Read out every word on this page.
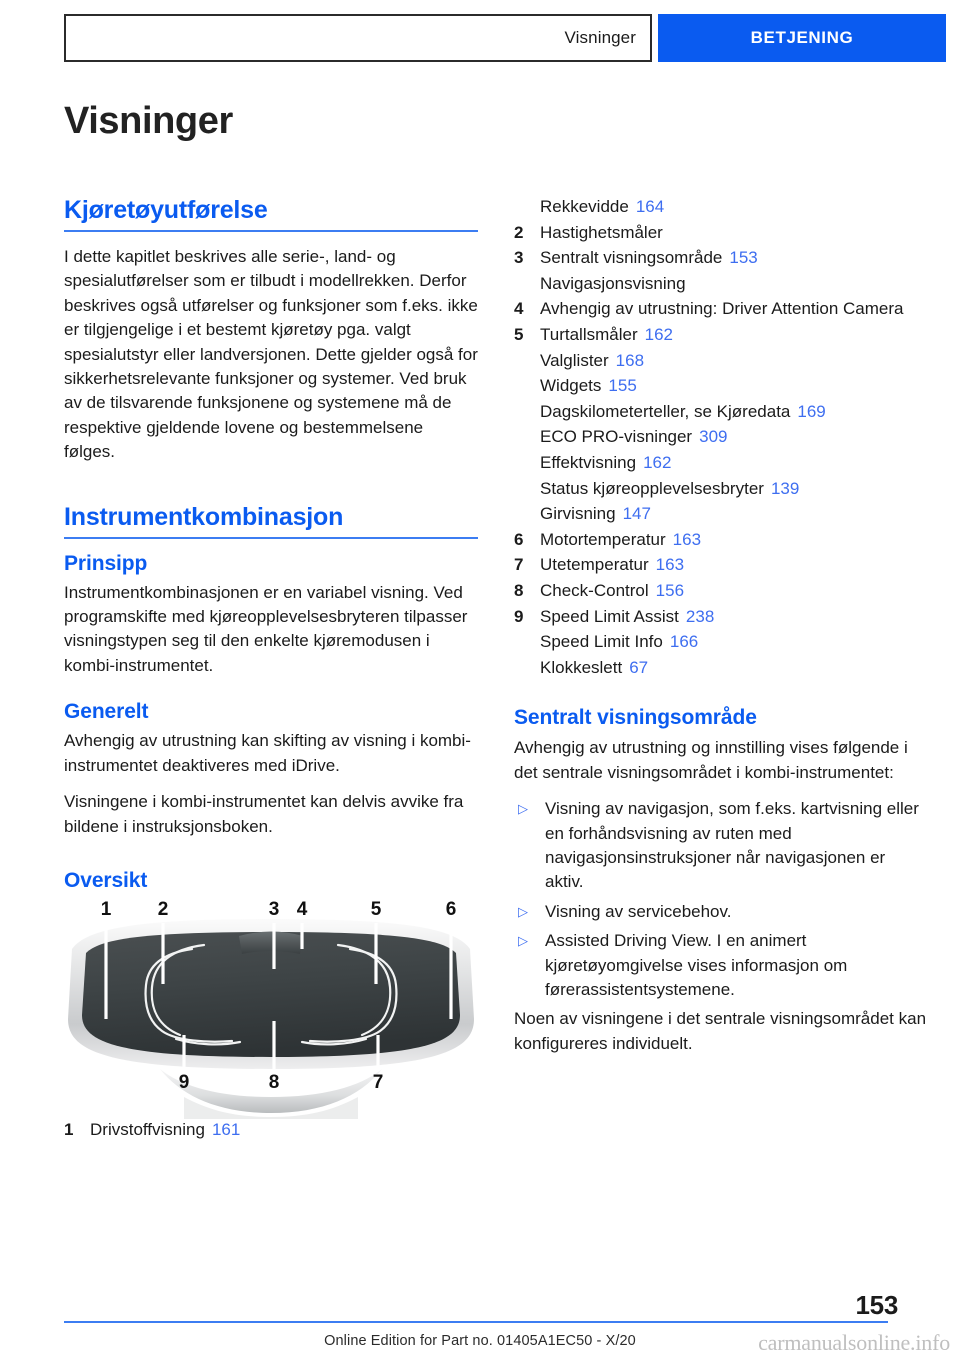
Visninger	BETJENING
Visninger
Kjøretøyutførelse

I dette kapitlet beskrives alle serie-, land- og spesialutførelser som er tilbudt i modellrekken. Derfor beskrives også utførelser og funksjoner som f.eks. ikke er tilgjengelige i et bestemt kjøretøy pga. valgt spesialutstyr eller landversjonen. Dette gjelder også for sikkerhetsrelevante funksjoner og systemer. Ved bruk av de tilsvarende funksjonene og systemene må de respektive gjeldende lovene og bestemmelsene følges.

Instrumentkombinasjon
Prinsipp

Instrumentkombinasjonen er en variabel visning. Ved programskifte med kjøreopplevelsesbryteren tilpasser visningstypen seg til den enkelte kjøremodusen i kombi-instrumentet.

Generelt

Avhengig av utrustning kan skifting av visning i kombi-instrumentet deaktiveres med iDrive.

Visningene i kombi-instrumentet kan delvis avvike fra bildene i instruksjonsboken.

Oversikt
1 2	3 4	5	6
9	8	7
1 Drivstoffvisning 161
Rekkevidde 164
2 Hastighetsmåler
3 Sentralt visningsområde 153
Navigasjonsvisning
4 Avhengig av utrustning: Driver Attention Camera
5 Turtallsmåler 162
Valglister 168
Widgets 155
Dagskilometerteller, se Kjøredata 169
ECO PRO-visninger 309
Effektvisning 162
Status kjøreopplevelsesbryter 139
Girvisning 147
6 Motortemperatur 163
7 Utetemperatur 163
8 Check-Control 156
9 Speed Limit Assist 238
Speed Limit Info 166
Klokkeslett 67
Sentralt visningsområde

Avhengig av utrustning og innstilling vises følgende i det sentrale visningsområdet i kombi-instrumentet:

▷	Visning av navigasjon, som f.eks. kartvisning eller en forhåndsvisning av ruten med navigasjonsinstruksjoner når navigasjonen er aktiv.
▷	Visning av servicebehov.
▷	Assisted Driving View. I en animert kjøretøyomgivelse vises informasjon om førerassistentsystemene.

Noen av visningene i det sentrale visningsområdet kan konfigureres individuelt.

153
Online Edition for Part no. 01405A1EC50 - X/20	carmanualsonline.info
